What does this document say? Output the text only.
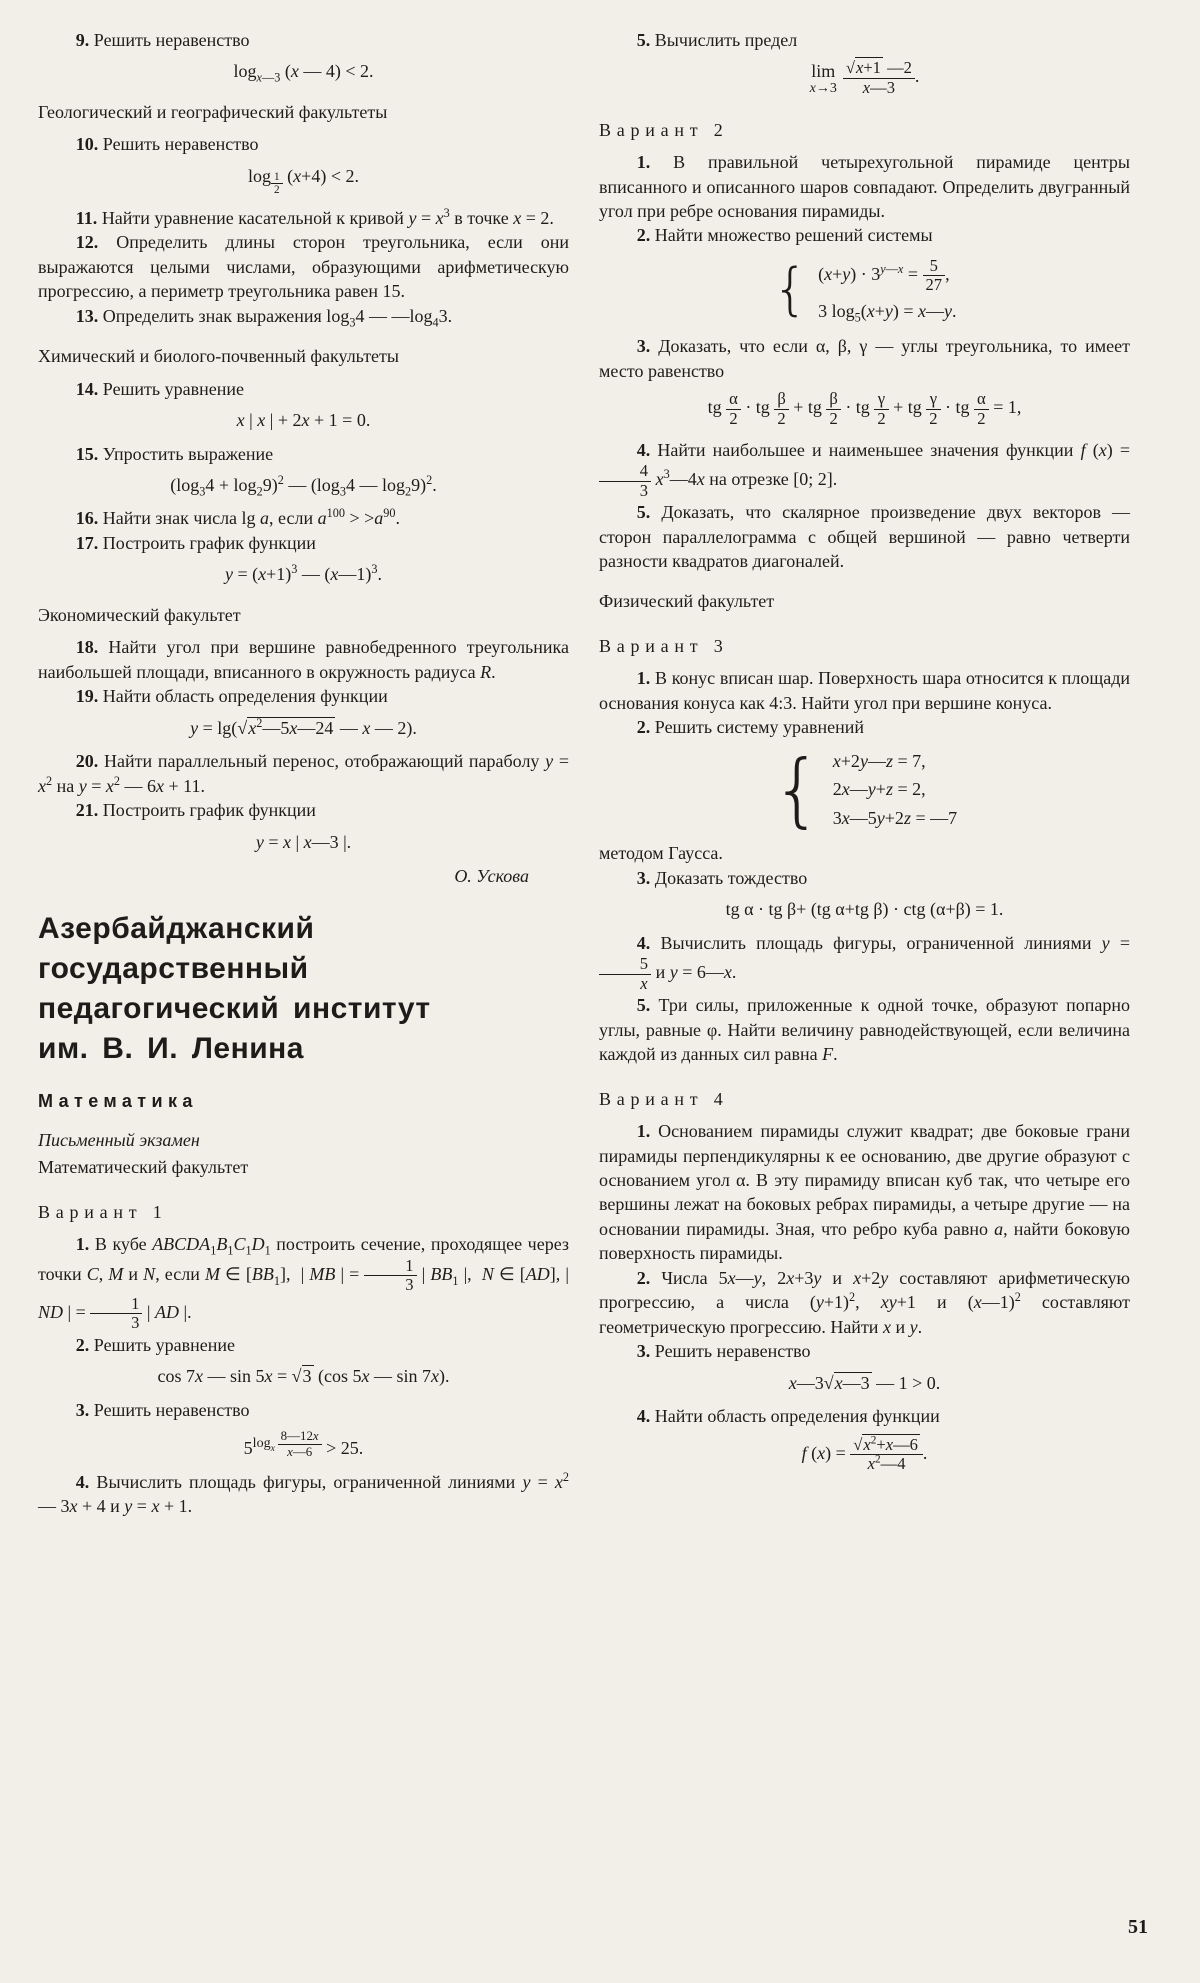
9. Решить неравенство

$\log_{x—3} (x$ — 4) < 2.

Геологический и географический факультеты

10. Решить неравенство

log $_{\frac{1}{2}}$ (x+4) < 2.

11. Найти уравнение касательной к кривой $y = x^3$ в точке x = 2.

12. Определить длины сторон треугольника, если они выражаются целыми числами, образующими арифметическую прогрессию, а периметр треугольника равен 15.

13. Определить знак выражения $\log_34$ — $—\log_43$.

Химический и биолого-почвенный факультеты

14. Решить уравнение

x | x | + 2x + 1 = 0.

15. Упростить выражение

$(\log_34 + \log_29)^2$ — ($\log_34$ — $\log_29)^2$.

16. Найти знак числа lg a, если $a^{100} > >a^{90}$.

17. Построить график функции

$y = (x+1)^3$ — (x—1)$^3$.

Экономический факультет

18. Найти угол при вершине равнобедренного треугольника наибольшей площади, вписанного в окружность радиуса R.

19. Найти область определения функции

$y = \lg(√x^2—5x—24$ — x — 2).

20. Найти параллельный перенос, отображающий параболу $y = x^2$ на $y = x^2$ — 6x + 11.

21. Построить график функции

y = x | x—3 |.

О. Ускова

Азербайджанский
государственный
педагогический институт
им. В. И. Ленина

Математика

Письменный экзамен

Математический факультет

Вариант 1

1. В кубе $ABCDA_1B_1C_1D_1$ построить сечение, проходящее через точки C, M и N, если M ∈ $[BB_1]$,  | MB | = $\frac{1}{3}$ | $BB_1$ |,  N ∈ [AD], | ND | = $\frac{1}{3}$ | AD |.

2. Решить уравнение

cos 7x — sin 5x = √3 (cos 5x — sin 7x).

3. Решить неравенство

$5^{log_x \frac{8—12x}{x—6}} > 25$.

4. Вычислить площадь фигуры, ограниченной линиями $y = x^2$ — 3x + 4 и y = x + 1.

5. Вычислить предел

lim
$x\to 3 \frac{√x+1 —2}{x—3}$ .

Вариант 2

1. В правильной четырехугольной пирамиде центры вписанного и описанного шаров совпадают. Определить двугранный угол при ребре основания пирамиды.

2. Найти множество решений системы

{ $(x+y) \cdot 3^{y—x} = \frac{5}{27}$ ,
3 $\log_5(x+y)$ = x—y.

3. Доказать, что если α, β, γ — углы треугольника, то имеет место равенство

tg $\frac{\alpha}{2}$ · tg $\frac{\beta}{2}$ + tg $\frac{\beta}{2}$ · tg $\frac{\gamma}{2}$ + tg $\frac{\gamma}{2}$ · tg $\frac{\alpha}{2} = 1$,

4. Найти наибольшее и наименьшее значения функции f (x) =
$\frac{4}{3}$ $x^3—4x$ на отрезке [0; 2].

5. Доказать, что скалярное произведение двух векторов — сторон параллелограмма с общей вершиной — равно четверти разности квадратов диагоналей.

Физический факультет

Вариант 3

1. В конус вписан шар. Поверхность шара относится к площади основания конуса как 4:3. Найти угол при вершине конуса.

2. Решить систему уравнений

{ x+2y—z = 7,
2x—y+z = 2,
3x—5y+2z = —7

методом Гаусса.

3. Доказать тождество

tg α · tg β+ (tg α+tg β) · ctg (α+β) = 1.

4. Вычислить площадь фигуры, ограниченной линиями y =
$\frac{5}{x}$ и y = 6—x.

5. Три силы, приложенные к одной точке, образуют попарно углы, равные φ. Найти величину равнодействующей, если величина каждой из данных сил равна F.

Вариант 4

1. Основанием пирамиды служит квадрат; две боковые грани пирамиды перпендикулярны к ее основанию, две другие образуют с основанием угол α. В эту пирамиду вписан куб так, что четыре его вершины лежат на боковых ребрах пирамиды, а четыре другие — на основании пирамиды. Зная, что ребро куба равно a, найти боковую поверхность пирамиды.

2. Числа 5x—y, 2x+3y и x+2y составляют арифметическую прогрессию, а числа $(y+1)^2$, xy+1 и (x—1)$^2$ составляют геометрическую прогрессию. Найти x и y.

3. Решить неравенство

x—3√x—3 — 1 > 0.

4. Найти область определения функции

f $(x) = \frac{√x^2+x—6}{x^2—4}$ .
51
